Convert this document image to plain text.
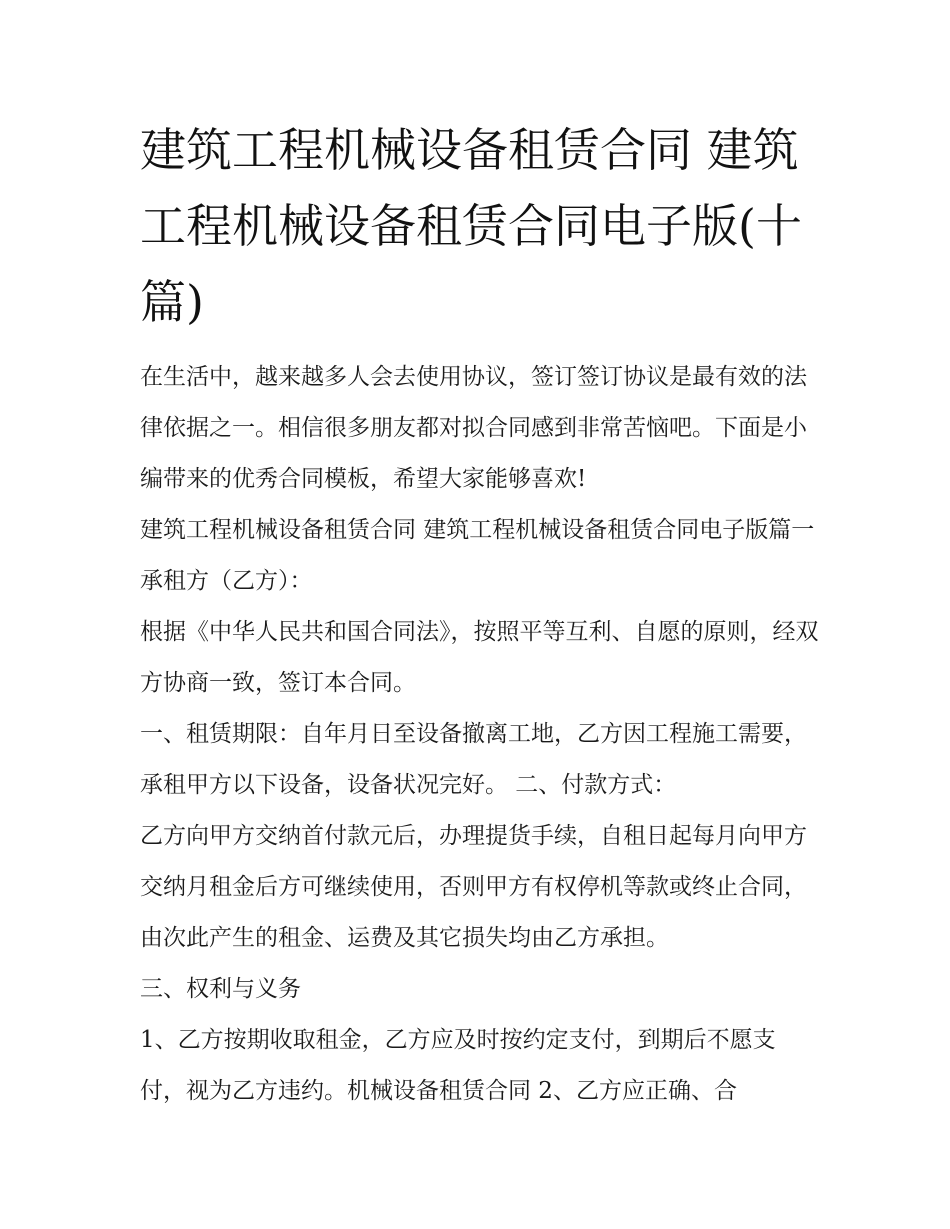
建筑工程机械设备租赁合同 建筑工程机械设备租赁合同电子版(十篇)

在生活中，越来越多人会去使用协议，签订签订协议是最有效的法律依据之一。相信很多朋友都对拟合同感到非常苦恼吧。下面是小编带来的优秀合同模板，希望大家能够喜欢!

建筑工程机械设备租赁合同 建筑工程机械设备租赁合同电子版篇一 承租方（乙方）：

根据《中华人民共和国合同法》，按照平等互利、自愿的原则，经双方协商一致，签订本合同。

一、租赁期限：自年月日至设备撤离工地，乙方因工程施工需要，承租甲方以下设备，设备状况完好。 二、付款方式：

乙方向甲方交纳首付款元后，办理提货手续，自租日起每月向甲方交纳月租金后方可继续使用，否则甲方有权停机等款或终止合同，由次此产生的租金、运费及其它损失均由乙方承担。

三、权利与义务

1、乙方按期收取租金，乙方应及时按约定支付，到期后不愿支付，视为乙方违约。机械设备租赁合同 2、乙方应正确、合
